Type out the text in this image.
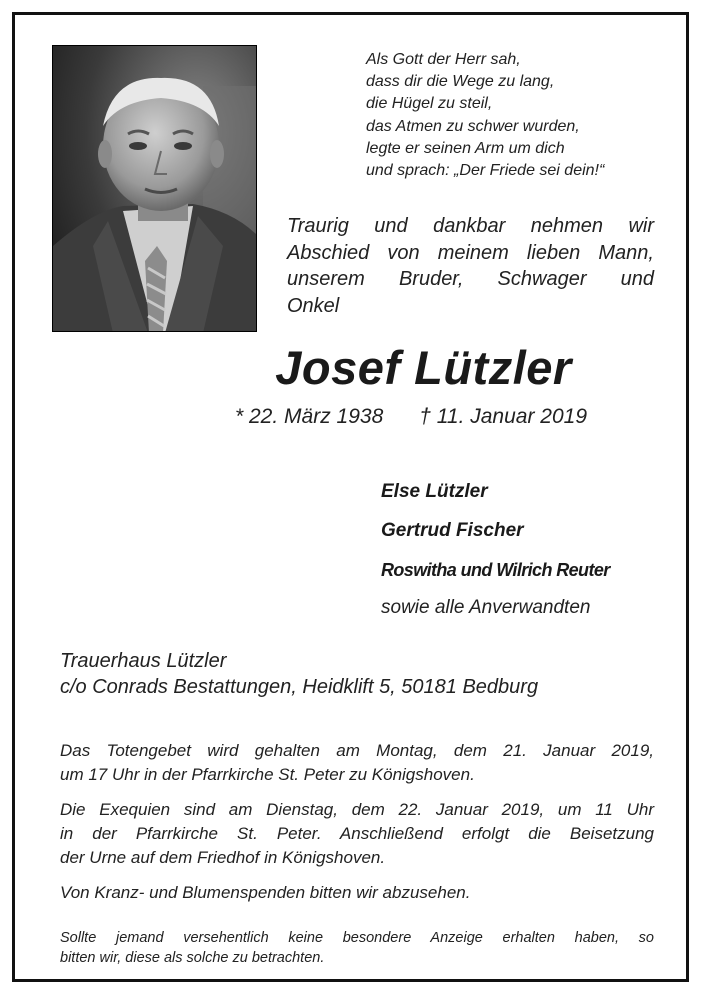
Als Gott der Herr sah,
dass dir die Wege zu lang,
die Hügel zu steil,
das Atmen zu schwer wurden,
legte er seinen Arm um dich
und sprach: „Der Friede sei dein!“
Traurig und dankbar nehmen wir
Abschied von meinem lieben Mann,
unserem Bruder, Schwager und
Onkel
Josef Lützler
* 22. März 1938 † 11. Januar 2019
Else Lützler
Gertrud Fischer
Roswitha und Wilrich Reuter
sowie alle Anverwandten
Trauerhaus Lützler
c/o Conrads Bestattungen, Heidklift 5, 50181 Bedburg
Das Totengebet wird gehalten am Montag, dem 21. Januar 2019,
um 17 Uhr in der Pfarrkirche St. Peter zu Königshoven.
Die Exequien sind am Dienstag, dem 22. Januar 2019, um 11 Uhr
in der Pfarrkirche St. Peter. Anschließend erfolgt die Beisetzung
der Urne auf dem Friedhof in Königshoven.
Von Kranz- und Blumenspenden bitten wir abzusehen.
Sollte jemand versehentlich keine besondere Anzeige erhalten haben, so
bitten wir, diese als solche zu betrachten.
